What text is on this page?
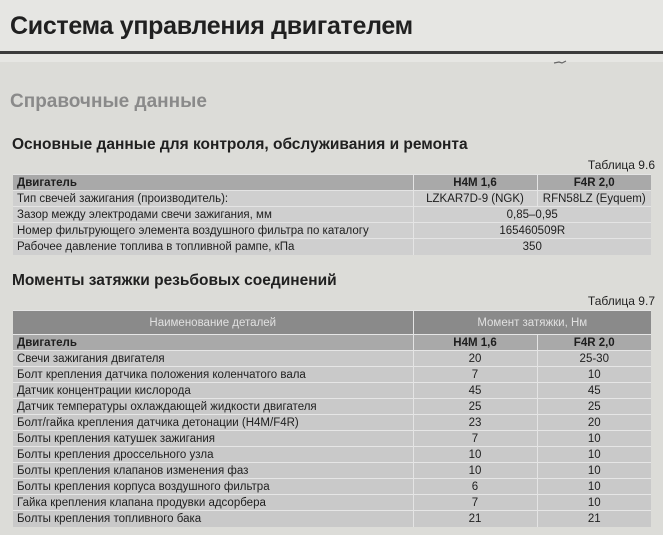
Система управления двигателем
Справочные данные
Основные данные для контроля, обслуживания и ремонта
Таблица 9.6
Двигатель	H4M 1,6	F4R 2,0
Тип свечей зажигания (производитель):	LZKAR7D-9 (NGK)	RFN58LZ (Eyquem)
Зазор между электродами свечи зажигания, мм	0,85–0,95	
Номер фильтрующего элемента воздушного фильтра по каталогу	165460509R	
Рабочее давление топлива в топливной рампе, кПа	350	
Моменты затяжки резьбовых соединений
Таблица 9.7
Наименование деталей	Момент затяжки, Нм	
Двигатель	H4M 1,6	F4R 2,0
Свечи зажигания двигателя	20	25-30
Болт крепления датчика положения коленчатого вала	7	10
Датчик концентрации кислорода	45	45
Датчик температуры охлаждающей жидкости двигателя	25	25
Болт/гайка крепления датчика детонации (H4M/F4R)	23	20
Болты крепления катушек зажигания	7	10
Болты крепления дроссельного узла	10	10
Болты крепления клапанов изменения фаз	10	10
Болты крепления корпуса воздушного фильтра	6	10
Гайка крепления клапана продувки адсорбера	7	10
Болты крепления топливного бака	21	21
